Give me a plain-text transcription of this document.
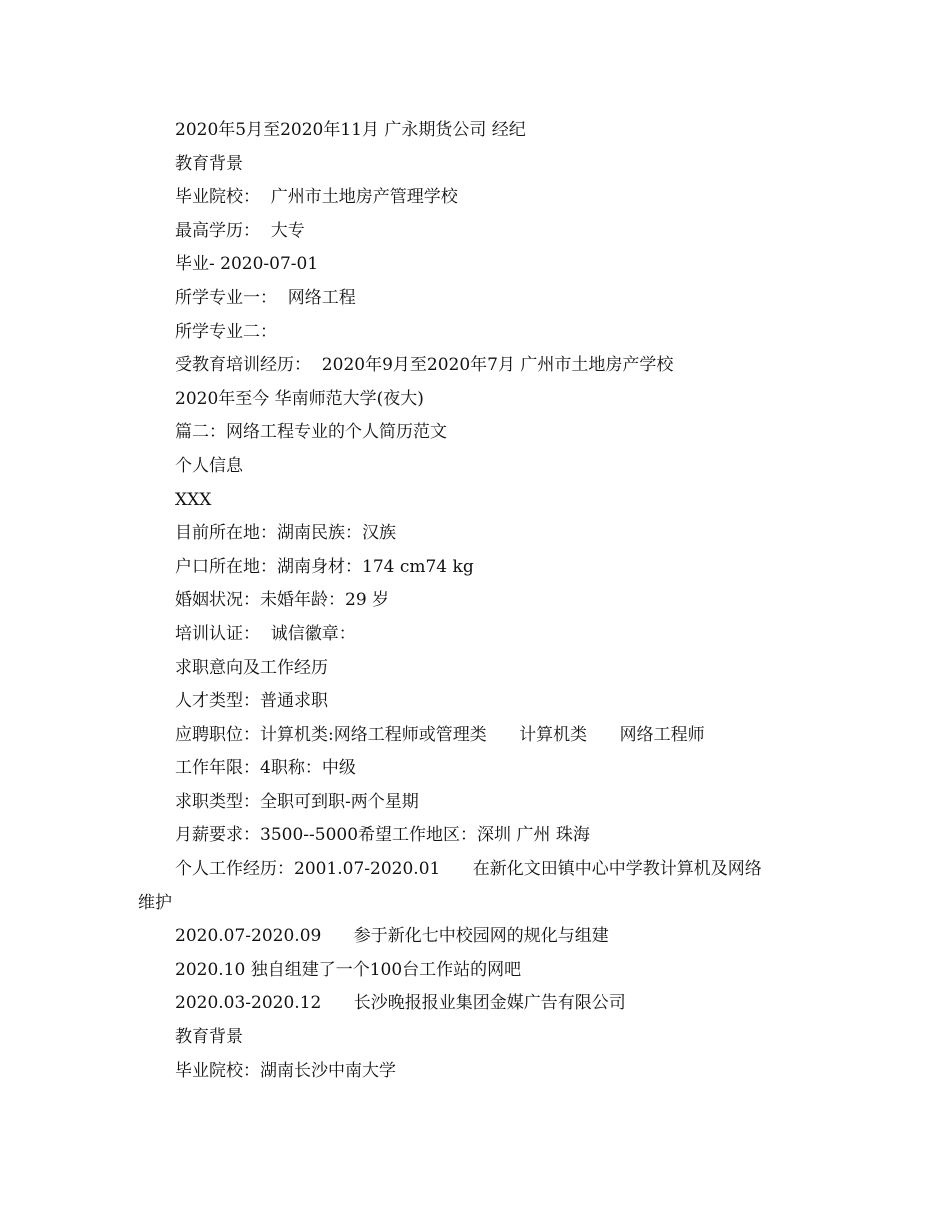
2020年5月至2020年11月 广永期货公司 经纪

教育背景

毕业院校：  广州市土地房产管理学校

最高学历：  大专

毕业- 2020-07-01

所学专业一：  网络工程

所学专业二：

受教育培训经历：  2020年9月至2020年7月 广州市土地房产学校

2020年至今 华南师范大学(夜大)

篇二：网络工程专业的个人简历范文

个人信息

XXX

目前所在地：湖南民族：汉族

户口所在地：湖南身材：174 cm74 kg

婚姻状况：未婚年龄：29 岁

培训认证：  诚信徽章：

求职意向及工作经历

人才类型：普通求职

应聘职位：计算机类:网络工程师或管理类      计算机类      网络工程师

工作年限：4职称：中级

求职类型：全职可到职-两个星期

月薪要求：3500--5000希望工作地区：深圳 广州 珠海

个人工作经历：2001.07-2020.01      在新化文田镇中心中学教计算机及网络

维护

2020.07-2020.09      参于新化七中校园网的规化与组建

2020.10 独自组建了一个100台工作站的网吧

2020.03-2020.12      长沙晚报报业集团金媒广告有限公司

教育背景

毕业院校：湖南长沙中南大学
